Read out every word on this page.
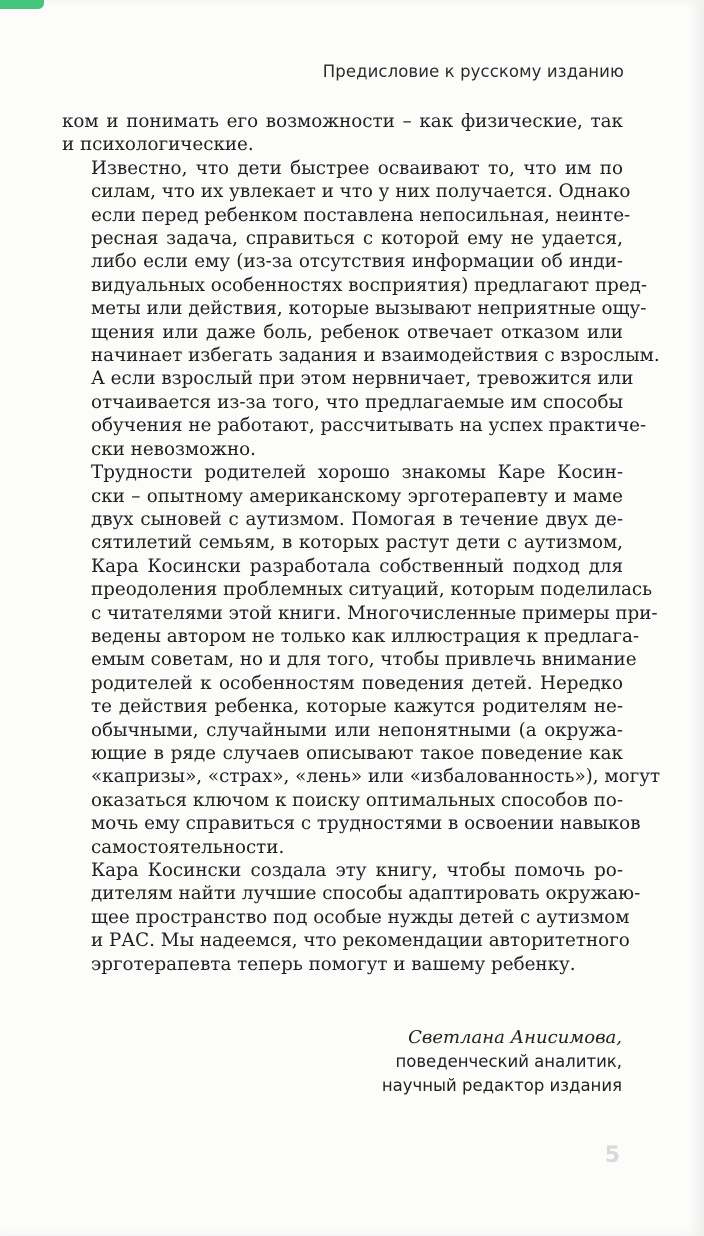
Предисловие к русскому изданию

ком и понимать его возможности – как физические, так
и психологические.

Известно, что дети быстрее осваивают то, что им по
силам, что их увлекает и что у них получается. Однако
если перед ребенком поставлена непосильная, неинте-
ресная задача, справиться с которой ему не удается,
либо если ему (из-за отсутствия информации об инди-
видуальных особенностях восприятия) предлагают пред-
меты или действия, которые вызывают неприятные ощу-
щения или даже боль, ребенок отвечает отказом или
начинает избегать задания и взаимодействия с взрослым.
А если взрослый при этом нервничает, тревожится или
отчаивается из-за того, что предлагаемые им способы
обучения не работают, рассчитывать на успех практиче-
ски невозможно.

Трудности родителей хорошо знакомы Каре Косин-
ски – опытному американскому эрготерапевту и маме
двух сыновей с аутизмом. Помогая в течение двух де-
сятилетий семьям, в которых растут дети с аутизмом,
Кара Косински разработала собственный подход для
преодоления проблемных ситуаций, которым поделилась
с читателями этой книги. Многочисленные примеры при-
ведены автором не только как иллюстрация к предлага-
емым советам, но и для того, чтобы привлечь внимание
родителей к особенностям поведения детей. Нередко
те действия ребенка, которые кажутся родителям не-
обычными, случайными или непонятными (а окружа-
ющие в ряде случаев описывают такое поведение как
«капризы», «страх», «лень» или «избалованность»), могут
оказаться ключом к поиску оптимальных способов по-
мочь ему справиться с трудностями в освоении навыков
самостоятельности.

Кара Косински создала эту книгу, чтобы помочь ро-
дителям найти лучшие способы адаптировать окружаю-
щее пространство под особые нужды детей с аутизмом
и РАС. Мы надеемся, что рекомендации авторитетного
эрготерапевта теперь помогут и вашему ребенку.

Светлана Анисимова,
поведенческий аналитик,
научный редактор издания
5
